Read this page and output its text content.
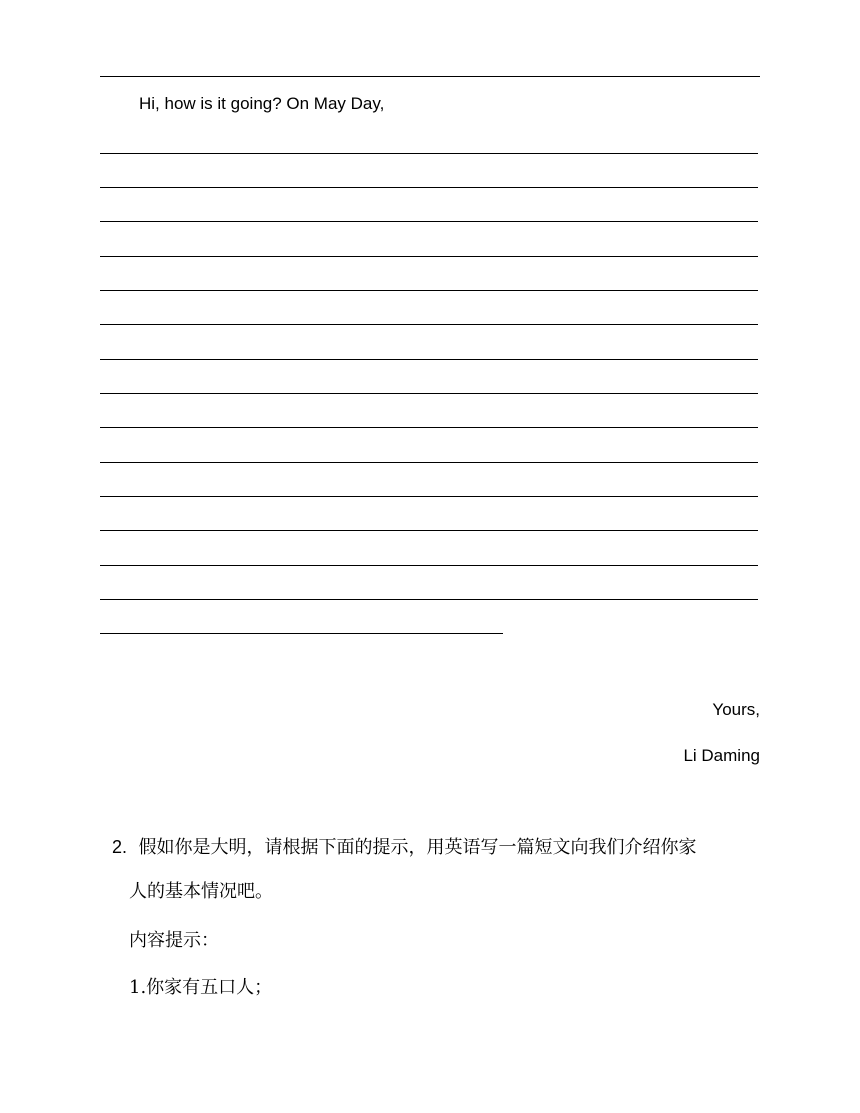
Hi, how is it going? On May Day,
Yours,
Li Daming
2. 假如你是大明，请根据下面的提示，用英语写一篇短文向我们介绍你家
人的基本情况吧。
内容提示：
1.你家有五口人；
